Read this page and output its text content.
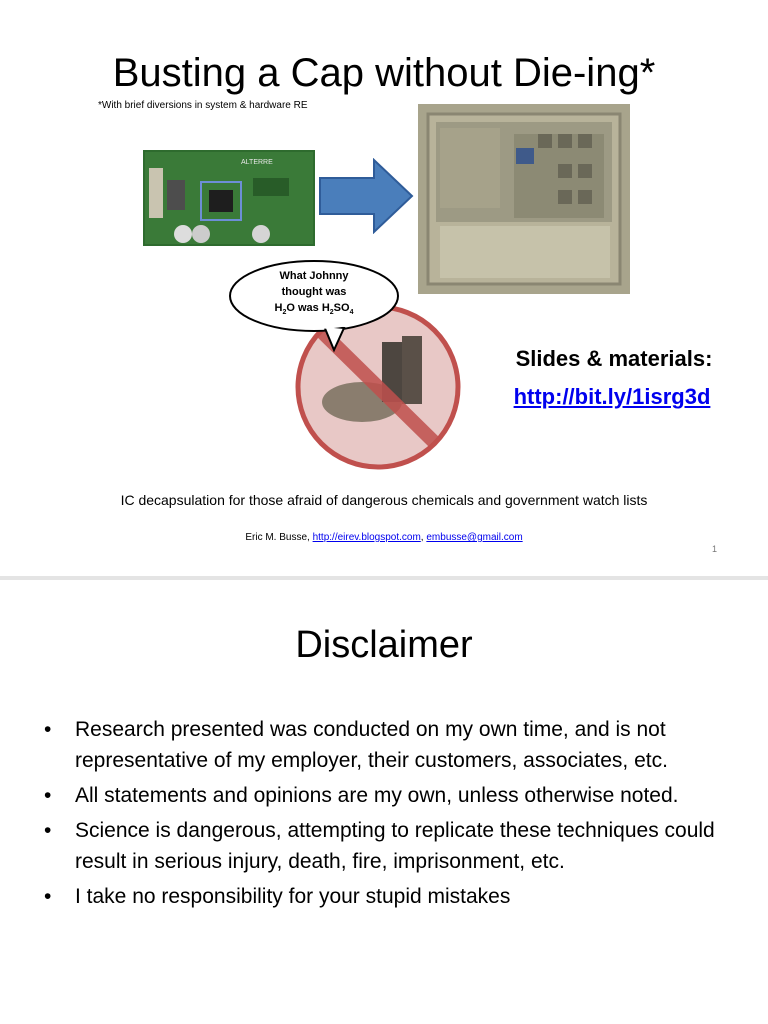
Busting a Cap without Die-ing*
*With brief diversions in system & hardware RE
ALTERRE
What Johnny
thought was
$H_2O$ was $H_2SO_4$
Slides & materials:
http://bit.ly/1isrg3d
IC decapsulation for those afraid of dangerous chemicals and government watch lists
Eric M. Busse, http://eirev.blogspot.com, embusse@gmail.com
1
Disclaimer
• Research presented was conducted on my own time, and is not representative of my employer, their customers, associates, etc.
• All statements and opinions are my own, unless otherwise noted.
• Science is dangerous, attempting to replicate these techniques could result in serious injury, death, fire, imprisonment, etc.
• I take no responsibility for your stupid mistakes
